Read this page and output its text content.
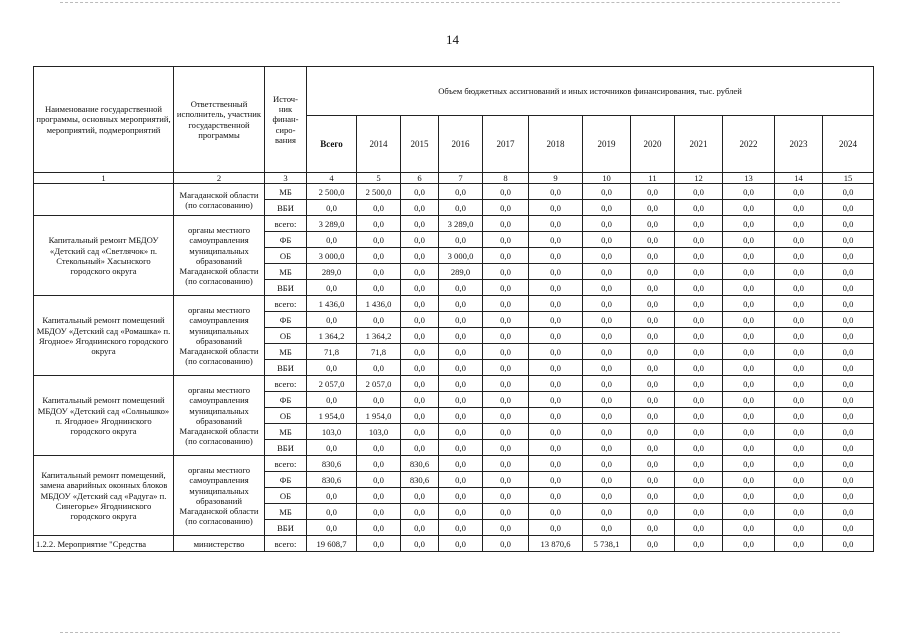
14
Наименование государственной программы, основных мероприятий, мероприятий, подмероприятий	Ответственный исполнитель, участник государственной программы	Источ-ник финан-сиро-вания	Объем бюджетных ассигнований и иных источников финансирования, тыс. рублей											
			Всего	2014	2015	2016	2017	2018	2019	2020	2021	2022	2023	2024
1	2	3	4	5	6	7	8	9	10	11	12	13	14	15
	Магаданской области (по согласованию)	МБ	2 500,0	2 500,0	0,0	0,0	0,0	0,0	0,0	0,0	0,0	0,0	0,0	0,0
		ВБИ	0,0	0,0	0,0	0,0	0,0	0,0	0,0	0,0	0,0	0,0	0,0	0,0
Капитальный ремонт МБДОУ «Детский сад «Светлячок» п. Стекольный» Хасынского городского округа	органы местного самоуправления муниципальных образований Магаданской области (по согласованию)	всего:	3 289,0	0,0	0,0	3 289,0	0,0	0,0	0,0	0,0	0,0	0,0	0,0	0,0
		ФБ	0,0	0,0	0,0	0,0	0,0	0,0	0,0	0,0	0,0	0,0	0,0	0,0
		ОБ	3 000,0	0,0	0,0	3 000,0	0,0	0,0	0,0	0,0	0,0	0,0	0,0	0,0
		МБ	289,0	0,0	0,0	289,0	0,0	0,0	0,0	0,0	0,0	0,0	0,0	0,0
		ВБИ	0,0	0,0	0,0	0,0	0,0	0,0	0,0	0,0	0,0	0,0	0,0	0,0
Капитальный ремонт помещений МБДОУ «Детский сад «Ромашка» п. Ягодное» Ягоднинского городского округа	органы местного самоуправления муниципальных образований Магаданской области (по согласованию)	всего:	1 436,0	1 436,0	0,0	0,0	0,0	0,0	0,0	0,0	0,0	0,0	0,0	0,0
		ФБ	0,0	0,0	0,0	0,0	0,0	0,0	0,0	0,0	0,0	0,0	0,0	0,0
		ОБ	1 364,2	1 364,2	0,0	0,0	0,0	0,0	0,0	0,0	0,0	0,0	0,0	0,0
		МБ	71,8	71,8	0,0	0,0	0,0	0,0	0,0	0,0	0,0	0,0	0,0	0,0
		ВБИ	0,0	0,0	0,0	0,0	0,0	0,0	0,0	0,0	0,0	0,0	0,0	0,0
Капитальный ремонт помещений МБДОУ «Детский сад «Солнышко» п. Ягодное» Ягоднинского городского округа	органы местного самоуправления муниципальных образований Магаданской области (по согласованию)	всего:	2 057,0	2 057,0	0,0	0,0	0,0	0,0	0,0	0,0	0,0	0,0	0,0	0,0
		ФБ	0,0	0,0	0,0	0,0	0,0	0,0	0,0	0,0	0,0	0,0	0,0	0,0
		ОБ	1 954,0	1 954,0	0,0	0,0	0,0	0,0	0,0	0,0	0,0	0,0	0,0	0,0
		МБ	103,0	103,0	0,0	0,0	0,0	0,0	0,0	0,0	0,0	0,0	0,0	0,0
		ВБИ	0,0	0,0	0,0	0,0	0,0	0,0	0,0	0,0	0,0	0,0	0,0	0,0
Капитальный ремонт помещений, замена аварийных оконных блоков МБДОУ «Детский сад «Радуга» п. Синегорье» Ягоднинского городского округа	органы местного самоуправления муниципальных образований Магаданской области (по согласованию)	всего:	830,6	0,0	830,6	0,0	0,0	0,0	0,0	0,0	0,0	0,0	0,0	0,0
		ФБ	830,6	0,0	830,6	0,0	0,0	0,0	0,0	0,0	0,0	0,0	0,0	0,0
		ОБ	0,0	0,0	0,0	0,0	0,0	0,0	0,0	0,0	0,0	0,0	0,0	0,0
		МБ	0,0	0,0	0,0	0,0	0,0	0,0	0,0	0,0	0,0	0,0	0,0	0,0
		ВБИ	0,0	0,0	0,0	0,0	0,0	0,0	0,0	0,0	0,0	0,0	0,0	0,0
1.2.2. Мероприятие "Средства	министерство	всего:	19 608,7	0,0	0,0	0,0	0,0	13 870,6	5 738,1	0,0	0,0	0,0	0,0	0,0
